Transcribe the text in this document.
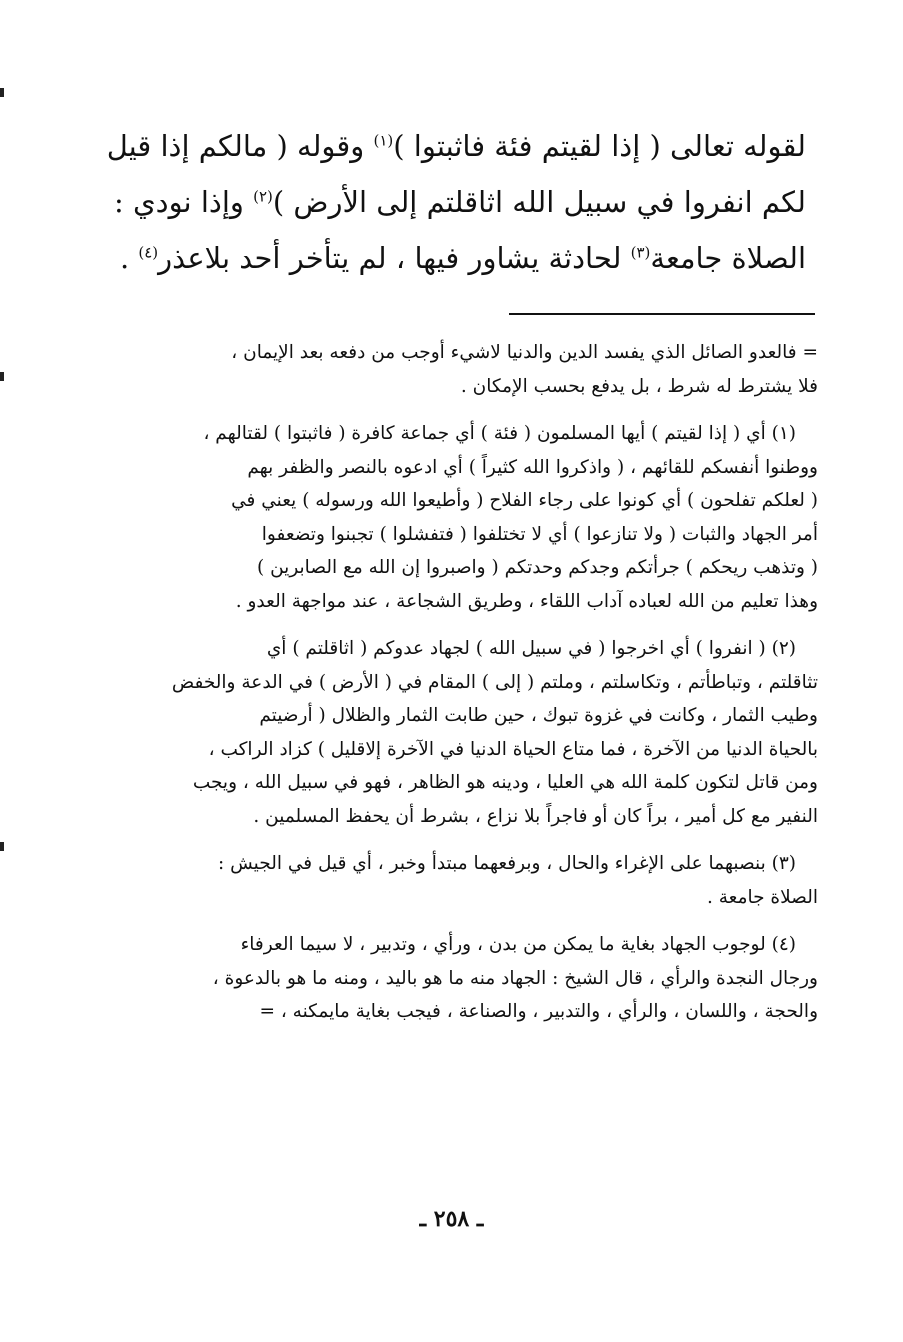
لقوله تعالى ( إذا لقيتم فئة فاثبتوا )$^{(١)}$ وقوله ( مالكم إذا قيل
لكم انفروا في سبيل الله اثاقلتم إلى الأرض )$^{(٢)}$ وإذا نودي :
الصلاة جامعة$^{(٣)}$ لحادثة يشاور فيها ، لم يتأخر أحد بلاعذر$^{(٤)}$ .
= فالعدو الصائل الذي يفسد الدين والدنيا لاشيء أوجب من دفعه بعد الإيمان ،
فلا يشترط له شرط ، بل يدفع بحسب الإمكان .
(١) أي ( إذا لقيتم ) أيها المسلمون ( فئة ) أي جماعة كافرة ( فاثبتوا ) لقتالهم ،
ووطنوا أنفسكم للقائهم ، ( واذكروا الله كثيراً ) أي ادعوه بالنصر والظفر بهم
( لعلكم تفلحون ) أي كونوا على رجاء الفلاح ( وأطيعوا الله ورسوله ) يعني في
أمر الجهاد والثبات ( ولا تنازعوا ) أي لا تختلفوا ( فتفشلوا ) تجبنوا وتضعفوا
( وتذهب ريحكم ) جرأتكم وجدكم وحدتكم ( واصبروا إن الله مع الصابرين )
وهذا تعليم من الله لعباده آداب اللقاء ، وطريق الشجاعة ، عند مواجهة العدو .
(٢) ( انفروا ) أي اخرجوا ( في سبيل الله ) لجهاد عدوكم ( اثاقلتم ) أي
تثاقلتم ، وتباطأتم ، وتكاسلتم ، وملتم ( إلى ) المقام في ( الأرض ) في الدعة والخفض
وطيب الثمار ، وكانت في غزوة تبوك ، حين طابت الثمار والظلال ( أرضيتم
بالحياة الدنيا من الآخرة ، فما متاع الحياة الدنيا في الآخرة إلاقليل ) كزاد الراكب ،
ومن قاتل لتكون كلمة الله هي العليا ، ودينه هو الظاهر ، فهو في سبيل الله ، ويجب
النفير مع كل أمير ، براً كان أو فاجراً بلا نزاع ، بشرط أن يحفظ المسلمين .
(٣) بنصبهما على الإغراء والحال ، وبرفعهما مبتدأ وخبر ، أي قيل في الجيش :
الصلاة جامعة .
(٤) لوجوب الجهاد بغاية ما يمكن من بدن ، ورأي ، وتدبير ، لا سيما العرفاء
ورجال النجدة والرأي ، قال الشيخ : الجهاد منه ما هو باليد ، ومنه ما هو بالدعوة ،
والحجة ، واللسان ، والرأي ، والتدبير ، والصناعة ، فيجب بغاية مايمكنه ، =
ـ ٢٥٨ ـ
